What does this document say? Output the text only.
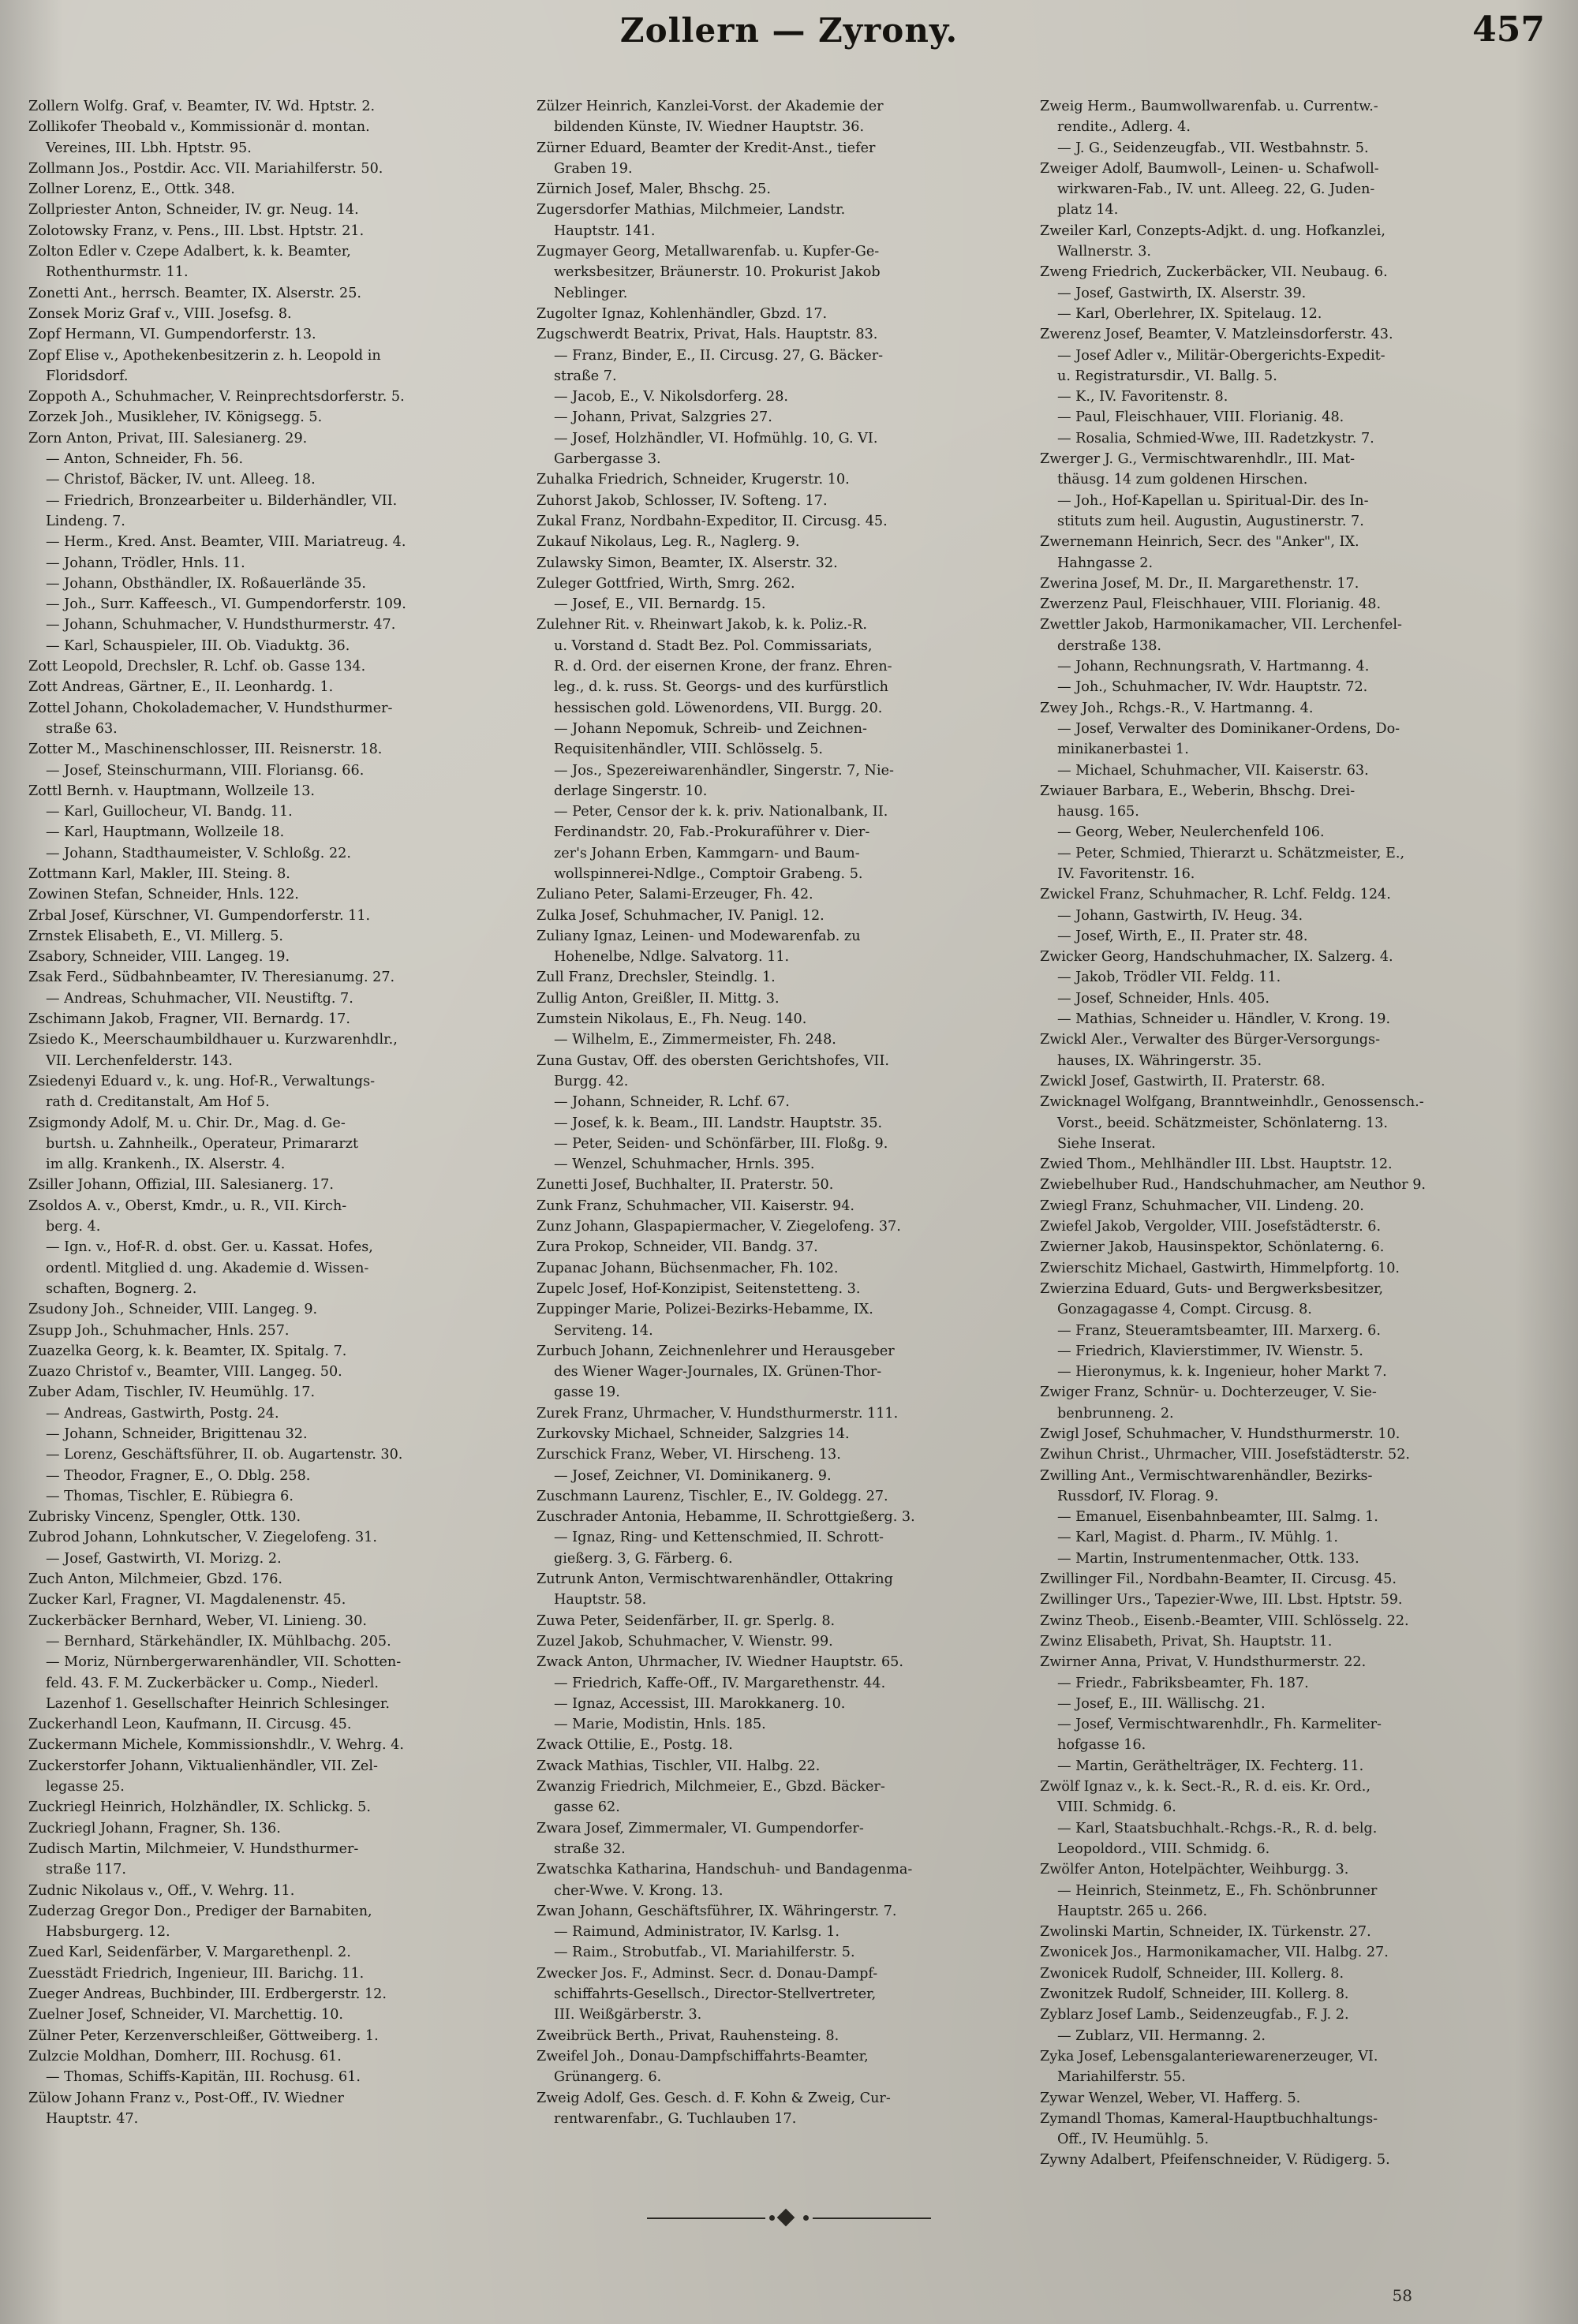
Zollern — Zyrony.	457
Zollern Wolfg. Graf, v. Beamter, IV. Wd. Hptstr. 2.
Zollikofer Theobald v., Kommissionär d. montan.
Vereines, III. Lbh. Hptstr. 95.
Zollmann Jos., Postdir. Acc. VII. Mariahilferstr. 50.
Zollner Lorenz, E., Ottk. 348.
Zollpriester Anton, Schneider, IV. gr. Neug. 14.
Zolotowsky Franz, v. Pens., III. Lbst. Hptstr. 21.
Zolton Edler v. Czepe Adalbert, k. k. Beamter,
Rothenthurmstr. 11.
Zonetti Ant., herrsch. Beamter, IX. Alserstr. 25.
Zonsek Moriz Graf v., VIII. Josefsg. 8.
Zopf Hermann, VI. Gumpendorferstr. 13.
Zopf Elise v., Apothekenbesitzerin z. h. Leopold in
Floridsdorf.
Zoppoth A., Schuhmacher, V. Reinprechtsdorferstr. 5.
Zorzek Joh., Musikleher, IV. Königsegg. 5.
Zorn Anton, Privat, III. Salesianerg. 29.
— Anton, Schneider, Fh. 56.
— Christof, Bäcker, IV. unt. Alleeg. 18.
— Friedrich, Bronzearbeiter u. Bilderhändler, VII.
Lindeng. 7.
— Herm., Kred. Anst. Beamter, VIII. Mariatreug. 4.
— Johann, Trödler, Hnls. 11.
— Johann, Obsthändler, IX. Roßauerlände 35.
— Joh., Surr. Kaffeesch., VI. Gumpendorferstr. 109.
— Johann, Schuhmacher, V. Hundsthurmerstr. 47.
— Karl, Schauspieler, III. Ob. Viaduktg. 36.
Zott Leopold, Drechsler, R. Lchf. ob. Gasse 134.
Zott Andreas, Gärtner, E., II. Leonhardg. 1.
Zottel Johann, Chokolademacher, V. Hundsthurmer-
straße 63.
Zotter M., Maschinenschlosser, III. Reisnerstr. 18.
— Josef, Steinschurmann, VIII. Floriansg. 66.
Zottl Bernh. v. Hauptmann, Wollzeile 13.
— Karl, Guillocheur, VI. Bandg. 11.
— Karl, Hauptmann, Wollzeile 18.
— Johann, Stadthaumeister, V. Schloßg. 22.
Zottmann Karl, Makler, III. Steing. 8.
Zowinen Stefan, Schneider, Hnls. 122.
Zrbal Josef, Kürschner, VI. Gumpendorferstr. 11.
Zrnstek Elisabeth, E., VI. Millerg. 5.
Zsabory, Schneider, VIII. Langeg. 19.
Zsak Ferd., Südbahnbeamter, IV. Theresianumg. 27.
— Andreas, Schuhmacher, VII. Neustiftg. 7.
Zschimann Jakob, Fragner, VII. Bernardg. 17.
Zsiedo K., Meerschaumbildhauer u. Kurzwarenhdlr.,
VII. Lerchenfelderstr. 143.
Zsiedenyi Eduard v., k. ung. Hof-R., Verwaltungs-
rath d. Creditanstalt, Am Hof 5.
Zsigmondy Adolf, M. u. Chir. Dr., Mag. d. Ge-
burtsh. u. Zahnheilk., Operateur, Primararzt
im allg. Krankenh., IX. Alserstr. 4.
Zsiller Johann, Offizial, III. Salesianerg. 17.
Zsoldos A. v., Oberst, Kmdr., u. R., VII. Kirch-
berg. 4.
— Ign. v., Hof-R. d. obst. Ger. u. Kassat. Hofes,
ordentl. Mitglied d. ung. Akademie d. Wissen-
schaften, Bognerg. 2.
Zsudony Joh., Schneider, VIII. Langeg. 9.
Zsupp Joh., Schuhmacher, Hnls. 257.
Zuazelka Georg, k. k. Beamter, IX. Spitalg. 7.
Zuazo Christof v., Beamter, VIII. Langeg. 50.
Zuber Adam, Tischler, IV. Heumühlg. 17.
— Andreas, Gastwirth, Postg. 24.
— Johann, Schneider, Brigittenau 32.
— Lorenz, Geschäftsführer, II. ob. Augartenstr. 30.
— Theodor, Fragner, E., O. Dblg. 258.
— Thomas, Tischler, E. Rübiegra 6.
Zubrisky Vincenz, Spengler, Ottk. 130.
Zubrod Johann, Lohnkutscher, V. Ziegelofeng. 31.
— Josef, Gastwirth, VI. Morizg. 2.
Zuch Anton, Milchmeier, Gbzd. 176.
Zucker Karl, Fragner, VI. Magdalenenstr. 45.
Zuckerbäcker Bernhard, Weber, VI. Linieng. 30.
— Bernhard, Stärkehändler, IX. Mühlbachg. 205.
— Moriz, Nürnbergerwarenhändler, VII. Schotten-
feld. 43. F. M. Zuckerbäcker u. Comp., Niederl.
Lazenhof 1. Gesellschafter Heinrich Schlesinger.
Zuckerhandl Leon, Kaufmann, II. Circusg. 45.
Zuckermann Michele, Kommissionshdlr., V. Wehrg. 4.
Zuckerstorfer Johann, Viktualienhändler, VII. Zel-
legasse 25.
Zuckriegl Heinrich, Holzhändler, IX. Schlickg. 5.
Zuckriegl Johann, Fragner, Sh. 136.
Zudisch Martin, Milchmeier, V. Hundsthurmer-
straße 117.
Zudnic Nikolaus v., Off., V. Wehrg. 11.
Zuderzag Gregor Don., Prediger der Barnabiten,
Habsburgerg. 12.
Zued Karl, Seidenfärber, V. Margarethenpl. 2.
Zuesstädt Friedrich, Ingenieur, III. Barichg. 11.
Zueger Andreas, Buchbinder, III. Erdbergerstr. 12.
Zuelner Josef, Schneider, VI. Marchettig. 10.
Zülner Peter, Kerzenverschleißer, Göttweiberg. 1.
Zulzcie Moldhan, Domherr, III. Rochusg. 61.
— Thomas, Schiffs-Kapitän, III. Rochusg. 61.
Zülow Johann Franz v., Post-Off., IV. Wiedner
Hauptstr. 47.
Zülzer Heinrich, Kanzlei-Vorst. der Akademie der
bildenden Künste, IV. Wiedner Hauptstr. 36.
Zürner Eduard, Beamter der Kredit-Anst., tiefer
Graben 19.
Zürnich Josef, Maler, Bhschg. 25.
Zugersdorfer Mathias, Milchmeier, Landstr.
Hauptstr. 141.
Zugmayer Georg, Metallwarenfab. u. Kupfer-Ge-
werksbesitzer, Bräunerstr. 10. Prokurist Jakob
Neblinger.
Zugolter Ignaz, Kohlenhändler, Gbzd. 17.
Zugschwerdt Beatrix, Privat, Hals. Hauptstr. 83.
— Franz, Binder, E., II. Circusg. 27, G. Bäcker-
straße 7.
— Jacob, E., V. Nikolsdorferg. 28.
— Johann, Privat, Salzgries 27.
— Josef, Holzhändler, VI. Hofmühlg. 10, G. VI.
Garbergasse 3.
Zuhalka Friedrich, Schneider, Krugerstr. 10.
Zuhorst Jakob, Schlosser, IV. Softeng. 17.
Zukal Franz, Nordbahn-Expeditor, II. Circusg. 45.
Zukauf Nikolaus, Leg. R., Naglerg. 9.
Zulawsky Simon, Beamter, IX. Alserstr. 32.
Zuleger Gottfried, Wirth, Smrg. 262.
— Josef, E., VII. Bernardg. 15.
Zulehner Rit. v. Rheinwart Jakob, k. k. Poliz.-R.
u. Vorstand d. Stadt Bez. Pol. Commissariats,
R. d. Ord. der eisernen Krone, der franz. Ehren-
leg., d. k. russ. St. Georgs- und des kurfürstlich
hessischen gold. Löwenordens, VII. Burgg. 20.
— Johann Nepomuk, Schreib- und Zeichnen-
Requisitenhändler, VIII. Schlösselg. 5.
— Jos., Spezereiwarenhändler, Singerstr. 7, Nie-
derlage Singerstr. 10.
— Peter, Censor der k. k. priv. Nationalbank, II.
Ferdinandstr. 20, Fab.-Prokuraführer v. Dier-
zer's Johann Erben, Kammgarn- und Baum-
wollspinnerei-Ndlge., Comptoir Grabeng. 5.
Zuliano Peter, Salami-Erzeuger, Fh. 42.
Zulka Josef, Schuhmacher, IV. Panigl. 12.
Zuliany Ignaz, Leinen- und Modewarenfab. zu
Hohenelbe, Ndlge. Salvatorg. 11.
Zull Franz, Drechsler, Steindlg. 1.
Zullig Anton, Greißler, II. Mittg. 3.
Zumstein Nikolaus, E., Fh. Neug. 140.
— Wilhelm, E., Zimmermeister, Fh. 248.
Zuna Gustav, Off. des obersten Gerichtshofes, VII.
Burgg. 42.
— Johann, Schneider, R. Lchf. 67.
— Josef, k. k. Beam., III. Landstr. Hauptstr. 35.
— Peter, Seiden- und Schönfärber, III. Floßg. 9.
— Wenzel, Schuhmacher, Hrnls. 395.
Zunetti Josef, Buchhalter, II. Praterstr. 50.
Zunk Franz, Schuhmacher, VII. Kaiserstr. 94.
Zunz Johann, Glaspapiermacher, V. Ziegelofeng. 37.
Zura Prokop, Schneider, VII. Bandg. 37.
Zupanac Johann, Büchsenmacher, Fh. 102.
Zupelc Josef, Hof-Konzipist, Seitenstetteng. 3.
Zuppinger Marie, Polizei-Bezirks-Hebamme, IX.
Serviteng. 14.
Zurbuch Johann, Zeichnenlehrer und Herausgeber
des Wiener Wager-Journales, IX. Grünen-Thor-
gasse 19.
Zurek Franz, Uhrmacher, V. Hundsthurmerstr. 111.
Zurkovsky Michael, Schneider, Salzgries 14.
Zurschick Franz, Weber, VI. Hirscheng. 13.
— Josef, Zeichner, VI. Dominikanerg. 9.
Zuschmann Laurenz, Tischler, E., IV. Goldegg. 27.
Zuschrader Antonia, Hebamme, II. Schrottgießerg. 3.
— Ignaz, Ring- und Kettenschmied, II. Schrott-
gießerg. 3, G. Färberg. 6.
Zutrunk Anton, Vermischtwarenhändler, Ottakring
Hauptstr. 58.
Zuwa Peter, Seidenfärber, II. gr. Sperlg. 8.
Zuzel Jakob, Schuhmacher, V. Wienstr. 99.
Zwack Anton, Uhrmacher, IV. Wiedner Hauptstr. 65.
— Friedrich, Kaffe-Off., IV. Margarethenstr. 44.
— Ignaz, Accessist, III. Marokkanerg. 10.
— Marie, Modistin, Hnls. 185.
Zwack Ottilie, E., Postg. 18.
Zwack Mathias, Tischler, VII. Halbg. 22.
Zwanzig Friedrich, Milchmeier, E., Gbzd. Bäcker-
gasse 62.
Zwara Josef, Zimmermaler, VI. Gumpendorfer-
straße 32.
Zwatschka Katharina, Handschuh- und Bandagenma-
cher-Wwe. V. Krong. 13.
Zwan Johann, Geschäftsführer, IX. Währingerstr. 7.
— Raimund, Administrator, IV. Karlsg. 1.
— Raim., Strobutfab., VI. Mariahilferstr. 5.
Zwecker Jos. F., Adminst. Secr. d. Donau-Dampf-
schiffahrts-Gesellsch., Director-Stellvertreter,
III. Weißgärberstr. 3.
Zweibrück Berth., Privat, Rauhensteing. 8.
Zweifel Joh., Donau-Dampfschiffahrts-Beamter,
Grünangerg. 6.
Zweig Adolf, Ges. Gesch. d. F. Kohn & Zweig, Cur-
rentwarenfabr., G. Tuchlauben 17.
Zweig Herm., Baumwollwarenfab. u. Currentw.-
rendite., Adlerg. 4.
— J. G., Seidenzeugfab., VII. Westbahnstr. 5.
Zweiger Adolf, Baumwoll-, Leinen- u. Schafwoll-
wirkwaren-Fab., IV. unt. Alleeg. 22, G. Juden-
platz 14.
Zweiler Karl, Conzepts-Adjkt. d. ung. Hofkanzlei,
Wallnerstr. 3.
Zweng Friedrich, Zuckerbäcker, VII. Neubaug. 6.
— Josef, Gastwirth, IX. Alserstr. 39.
— Karl, Oberlehrer, IX. Spitelaug. 12.
Zwerenz Josef, Beamter, V. Matzleinsdorferstr. 43.
— Josef Adler v., Militär-Obergerichts-Expedit-
u. Registratursdir., VI. Ballg. 5.
— K., IV. Favoritenstr. 8.
— Paul, Fleischhauer, VIII. Florianig. 48.
— Rosalia, Schmied-Wwe, III. Radetzkystr. 7.
Zwerger J. G., Vermischtwarenhdlr., III. Mat-
thäusg. 14 zum goldenen Hirschen.
— Joh., Hof-Kapellan u. Spiritual-Dir. des In-
stituts zum heil. Augustin, Augustinerstr. 7.
Zwernemann Heinrich, Secr. des "Anker", IX.
Hahngasse 2.
Zwerina Josef, M. Dr., II. Margarethenstr. 17.
Zwerzenz Paul, Fleischhauer, VIII. Florianig. 48.
Zwettler Jakob, Harmonikamacher, VII. Lerchenfel-
derstraße 138.
— Johann, Rechnungsrath, V. Hartmanng. 4.
— Joh., Schuhmacher, IV. Wdr. Hauptstr. 72.
Zwey Joh., Rchgs.-R., V. Hartmanng. 4.
— Josef, Verwalter des Dominikaner-Ordens, Do-
minikanerbastei 1.
— Michael, Schuhmacher, VII. Kaiserstr. 63.
Zwiauer Barbara, E., Weberin, Bhschg. Drei-
hausg. 165.
— Georg, Weber, Neulerchenfeld 106.
— Peter, Schmied, Thierarzt u. Schätzmeister, E.,
IV. Favoritenstr. 16.
Zwickel Franz, Schuhmacher, R. Lchf. Feldg. 124.
— Johann, Gastwirth, IV. Heug. 34.
— Josef, Wirth, E., II. Prater str. 48.
Zwicker Georg, Handschuhmacher, IX. Salzerg. 4.
— Jakob, Trödler VII. Feldg. 11.
— Josef, Schneider, Hnls. 405.
— Mathias, Schneider u. Händler, V. Krong. 19.
Zwickl Aler., Verwalter des Bürger-Versorgungs-
hauses, IX. Währingerstr. 35.
Zwickl Josef, Gastwirth, II. Praterstr. 68.
Zwicknagel Wolfgang, Branntweinhdlr., Genossensch.-
Vorst., beeid. Schätzmeister, Schönlaterng. 13.
Siehe Inserat.
Zwied Thom., Mehlhändler III. Lbst. Hauptstr. 12.
Zwiebelhuber Rud., Handschuhmacher, am Neuthor 9.
Zwiegl Franz, Schuhmacher, VII. Lindeng. 20.
Zwiefel Jakob, Vergolder, VIII. Josefstädterstr. 6.
Zwierner Jakob, Hausinspektor, Schönlaterng. 6.
Zwierschitz Michael, Gastwirth, Himmelpfortg. 10.
Zwierzina Eduard, Guts- und Bergwerksbesitzer,
Gonzagagasse 4, Compt. Circusg. 8.
— Franz, Steueramtsbeamter, III. Marxerg. 6.
— Friedrich, Klavierstimmer, IV. Wienstr. 5.
— Hieronymus, k. k. Ingenieur, hoher Markt 7.
Zwiger Franz, Schnür- u. Dochterzeuger, V. Sie-
benbrunneng. 2.
Zwigl Josef, Schuhmacher, V. Hundsthurmerstr. 10.
Zwihun Christ., Uhrmacher, VIII. Josefstädterstr. 52.
Zwilling Ant., Vermischtwarenhändler, Bezirks-
Russdorf, IV. Florag. 9.
— Emanuel, Eisenbahnbeamter, III. Salmg. 1.
— Karl, Magist. d. Pharm., IV. Mühlg. 1.
— Martin, Instrumentenmacher, Ottk. 133.
Zwillinger Fil., Nordbahn-Beamter, II. Circusg. 45.
Zwillinger Urs., Tapezier-Wwe, III. Lbst. Hptstr. 59.
Zwinz Theob., Eisenb.-Beamter, VIII. Schlösselg. 22.
Zwinz Elisabeth, Privat, Sh. Hauptstr. 11.
Zwirner Anna, Privat, V. Hundsthurmerstr. 22.
— Friedr., Fabriksbeamter, Fh. 187.
— Josef, E., III. Wällischg. 21.
— Josef, Vermischtwarenhdlr., Fh. Karmeliter-
hofgasse 16.
— Martin, Geräthelträger, IX. Fechterg. 11.
Zwölf Ignaz v., k. k. Sect.-R., R. d. eis. Kr. Ord.,
VIII. Schmidg. 6.
— Karl, Staatsbuchhalt.-Rchgs.-R., R. d. belg.
Leopoldord., VIII. Schmidg. 6.
Zwölfer Anton, Hotelpächter, Weihburgg. 3.
— Heinrich, Steinmetz, E., Fh. Schönbrunner
Hauptstr. 265 u. 266.
Zwolinski Martin, Schneider, IX. Türkenstr. 27.
Zwonicek Jos., Harmonikamacher, VII. Halbg. 27.
Zwonicek Rudolf, Schneider, III. Kollerg. 8.
Zwonitzek Rudolf, Schneider, III. Kollerg. 8.
Zyblarz Josef Lamb., Seidenzeugfab., F. J. 2.
— Zublarz, VII. Hermanng. 2.
Zyka Josef, Lebensgalanteriewarenerzeuger, VI.
Mariahilferstr. 55.
Zywar Wenzel, Weber, VI. Hafferg. 5.
Zymandl Thomas, Kameral-Hauptbuchhaltungs-
Off., IV. Heumühlg. 5.
Zywny Adalbert, Pfeifenschneider, V. Rüdigerg. 5.
58
